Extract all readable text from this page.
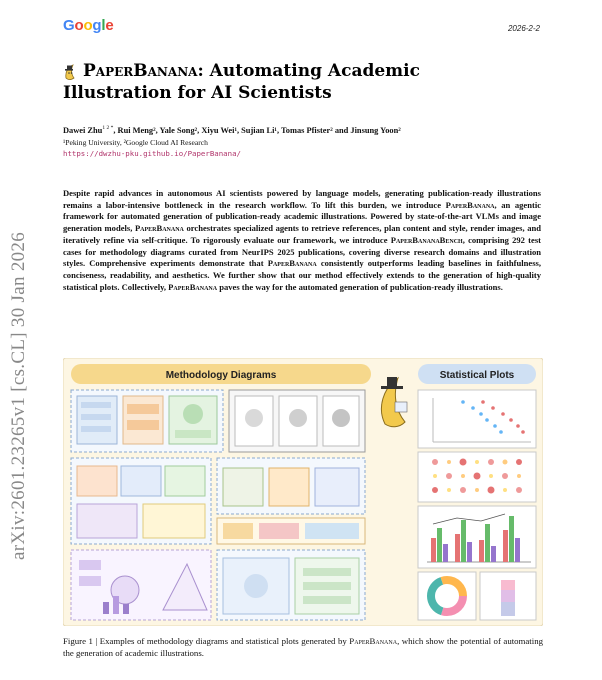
Google	2026-2-2
arXiv:2601.23265v1 [cs.CL] 30 Jan 2026
PaperBanana: Automating Academic
Illustration for AI Scientists
Dawei Zhu$^{1 2 *}$, Rui Meng², Yale Song², Xiyu Wei¹, Sujian Li¹, Tomas Pfister² and Jinsung Yoon²
¹Peking University, ²Google Cloud AI Research
https://dwzhu-pku.github.io/PaperBanana/

Despite rapid advances in autonomous AI scientists powered by language models, generating publication-ready illustrations remains a labor-intensive bottleneck in the research workflow. To lift this burden, we introduce PaperBanana, an agentic framework for automated generation of publication-ready academic illustrations. Powered by state-of-the-art VLMs and image generation models, PaperBanana orchestrates specialized agents to retrieve references, plan content and style, render images, and iteratively refine via self-critique. To rigorously evaluate our framework, we introduce PaperBananaBench, comprising 292 test cases for methodology diagrams curated from NeurIPS 2025 publications, covering diverse research domains and illustration styles. Comprehensive experiments demonstrate that PaperBanana consistently outperforms leading baselines in faithfulness, conciseness, readability, and aesthetics. We further show that our method effectively extends to the generation of high-quality statistical plots. Collectively, PaperBanana paves the way for the automated generation of publication-ready illustrations.

Methodology Diagrams	Statistical Plots

Figure 1 | Examples of methodology diagrams and statistical plots generated by PaperBanana, which show the potential of automating the generation of academic illustrations.
